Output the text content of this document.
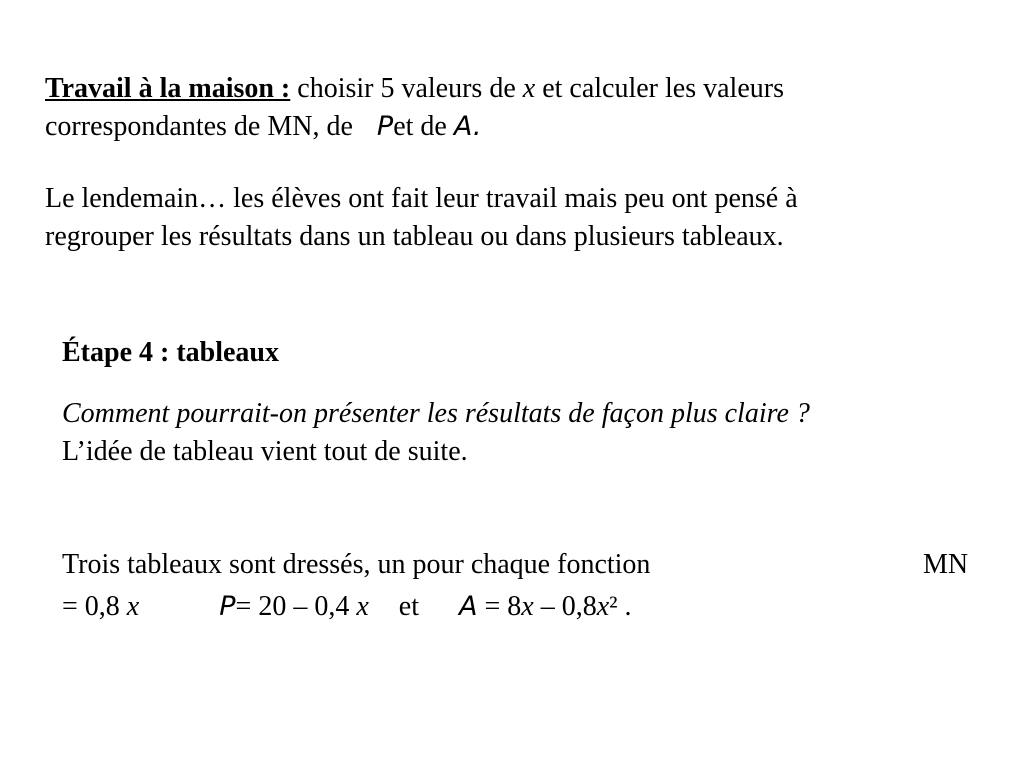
Travail à la maison : choisir 5 valeurs de x et calculer les valeurs
correspondantes de MN, de Pet de A.
Le lendemain… les élèves ont fait leur travail mais peu ont pensé à
regrouper les résultats dans un tableau ou dans plusieurs tableaux.
Étape 4 : tableaux
Comment pourrait-on présenter les résultats de façon plus claire ?
L’idée de tableau vient tout de suite.
Trois tableaux sont dressés, un pour chaque fonction	MN
= 0,8 x	P= 20 – 0,4 x et A = 8x – 0,8x² .
